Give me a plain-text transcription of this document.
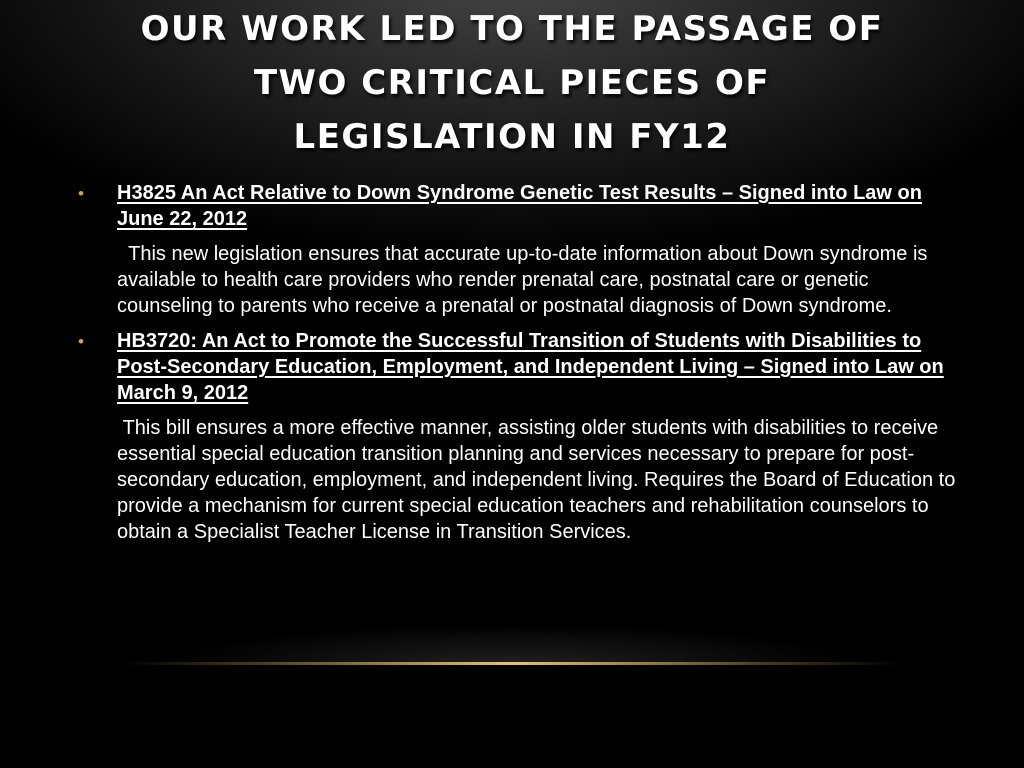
OUR WORK LED TO THE PASSAGE OF
TWO CRITICAL PIECES OF
LEGISLATION IN FY12
•	H3825 An Act Relative to Down Syndrome Genetic Test Results – Signed into Law on June 22, 2012

This new legislation ensures that accurate up-to-date information about Down syndrome is available to health care providers who render prenatal care, postnatal care or genetic counseling to parents who receive a prenatal or postnatal diagnosis of Down syndrome.

•	HB3720: An Act to Promote the Successful Transition of Students with Disabilities to Post-Secondary Education, Employment, and Independent Living – Signed into Law on March 9, 2012

This bill ensures a more effective manner, assisting older students with disabilities to receive essential special education transition planning and services necessary to prepare for post-secondary education, employment, and independent living. Requires the Board of Education to provide a mechanism for current special education teachers and rehabilitation counselors to obtain a Specialist Teacher License in Transition Services.
